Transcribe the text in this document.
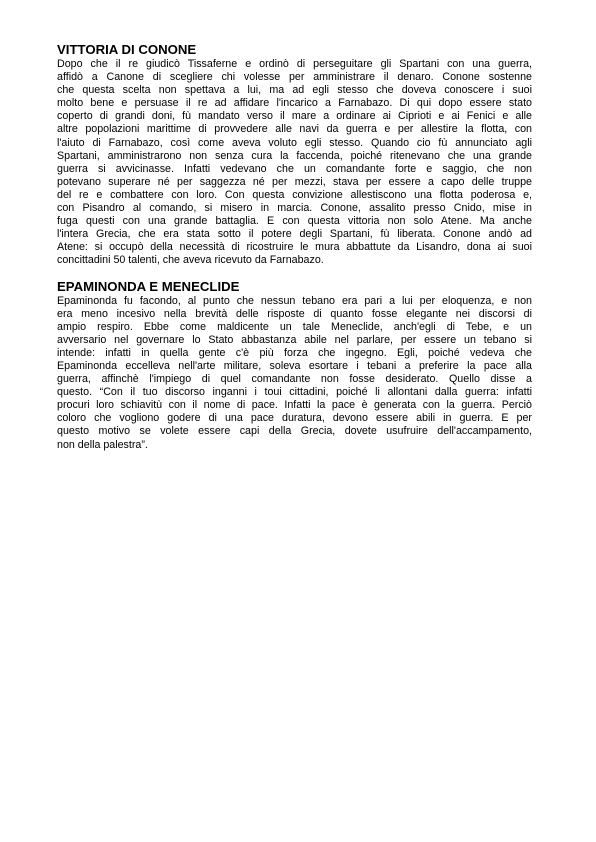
VITTORIA DI CONONE
Dopo che il re giudicò Tissaferne e ordinò di perseguitare gli Spartani con una guerra,
affidò a Canone di scegliere chi volesse per amministrare il denaro. Conone sostenne
che questa scelta non spettava a lui, ma ad egli stesso che doveva conoscere i suoi
molto bene e persuase il re ad affidare l'incarico a Farnabazo. Di qui dopo essere stato
coperto di grandi doni, fù mandato verso il mare a ordinare ai Ciprioti e ai Fenici e alle
altre popolazioni marittime di provvedere alle navi da guerra e per allestire la flotta, con
l'aiuto di Farnabazo, così come aveva voluto egli stesso. Quando cio fù annunciato agli
Spartani, amministrarono non senza cura la faccenda, poiché ritenevano che una grande
guerra si avvicinasse. Infatti vedevano che un comandante forte e saggio, che non
potevano superare né per saggezza né per mezzi, stava per essere a capo delle truppe
del re e combattere con loro. Con questa convizione allestiscono una flotta poderosa e,
con Pisandro al comando, si misero in marcia. Conone, assalito presso Cnido, mise in
fuga questi con una grande battaglia. E con questa vittoria non solo Atene. Ma anche
l'intera Grecia, che era stata sotto il potere degli Spartani, fù liberata. Conone andò ad
Atene: si occupò della necessità di ricostruire le mura abbattute da Lisandro, dona ai suoi
concittadini 50 talenti, che aveva ricevuto da Farnabazo.
EPAMINONDA E MENECLIDE
Epaminonda fu facondo, al punto che nessun tebano era pari a lui per eloquenza, e non
era meno incesivo nella brevità delle risposte di quanto fosse elegante nei discorsi di
ampio respiro. Ebbe come maldicente un tale Meneclide, anch'egli di Tebe, e un
avversario nel governare lo Stato abbastanza abile nel parlare, per essere un tebano si
intende: infatti in quella gente c'è più forza che ingegno. Egli, poiché vedeva che
Epaminonda eccelleva nell'arte militare, soleva esortare i tebani a preferire la pace alla
guerra, affinchè l'impiego di quel comandante non fosse desiderato. Quello disse a
questo. “Con il tuo discorso inganni i toui cittadini, poiché li allontani dalla guerra: infatti
procuri loro schiavitù con il nome di pace. Infatti la pace è generata con la guerra. Perciò
coloro che vogliono godere di una pace duratura, devono essere abili in guerra. E per
questo motivo se volete essere capi della Grecia, dovete usufruire dell'accampamento,
non della palestra”.
